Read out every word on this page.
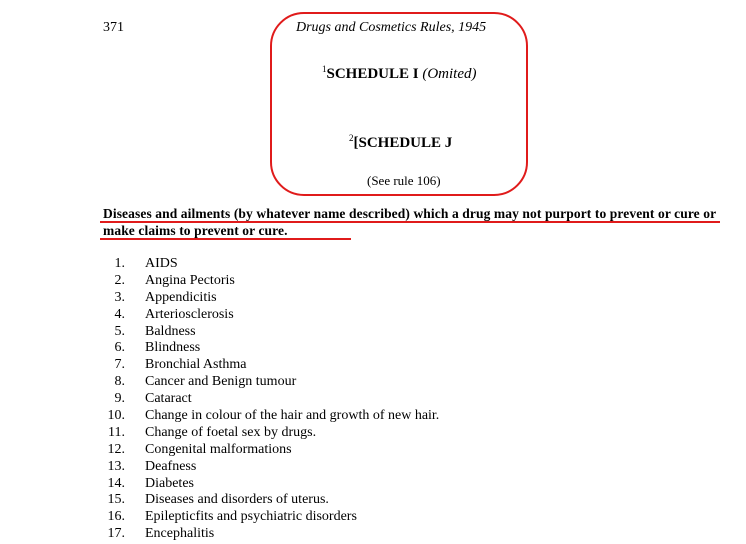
371	Drugs and Cosmetics Rules, 1945
$^1$SCHEDULE I (Omited)
$^2$[SCHEDULE J
(See rule 106)
Diseases and ailments (by whatever name described) which a drug may not purport to prevent or cure or make claims to prevent or cure.
1. AIDS
2. Angina Pectoris
3. Appendicitis
4. Arteriosclerosis
5. Baldness
6. Blindness
7. Bronchial Asthma
8. Cancer and Benign tumour
9. Cataract
10. Change in colour of the hair and growth of new hair.
11. Change of foetal sex by drugs.
12. Congenital malformations
13. Deafness
14. Diabetes
15. Diseases and disorders of uterus.
16. Epilepticfits and psychiatric disorders
17. Encephalitis
